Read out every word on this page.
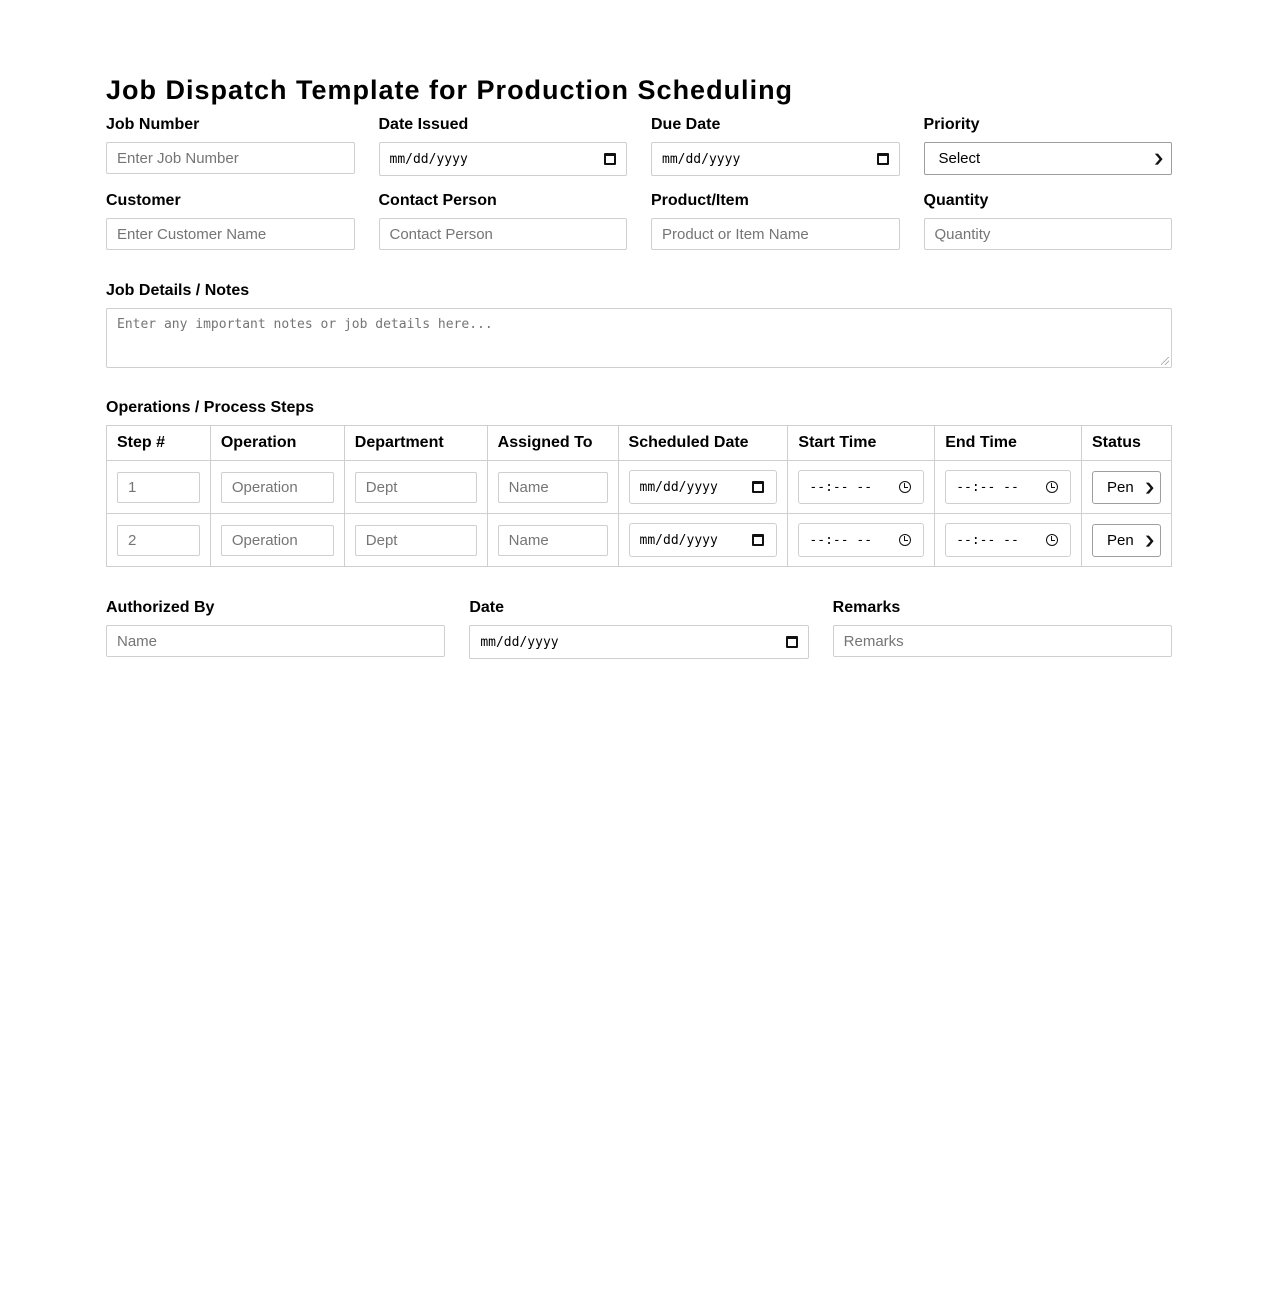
Job Dispatch Template for Production Scheduling
Job Number
Enter Job Number
Date Issued
mm/dd/yyyy
Due Date
mm/dd/yyyy
Priority
Select	❯
Customer
Enter Customer Name
Contact Person
Contact Person
Product/Item
Product or Item Name
Quantity
Quantity
Job Details / Notes
Enter any important notes or job details here...
Operations / Process Steps
Step #	Operation	Department	Assigned To	Scheduled Date	Start Time	End Time	Status

1	Operation	Dept	Name	mm/dd/yyyy	--:-- --	--:-- --	Pen ❯

2	Operation	Dept	Name	mm/dd/yyyy	--:-- --	--:-- --	Pen ❯
Authorized By
Name
Date
mm/dd/yyyy
Remarks
Remarks
